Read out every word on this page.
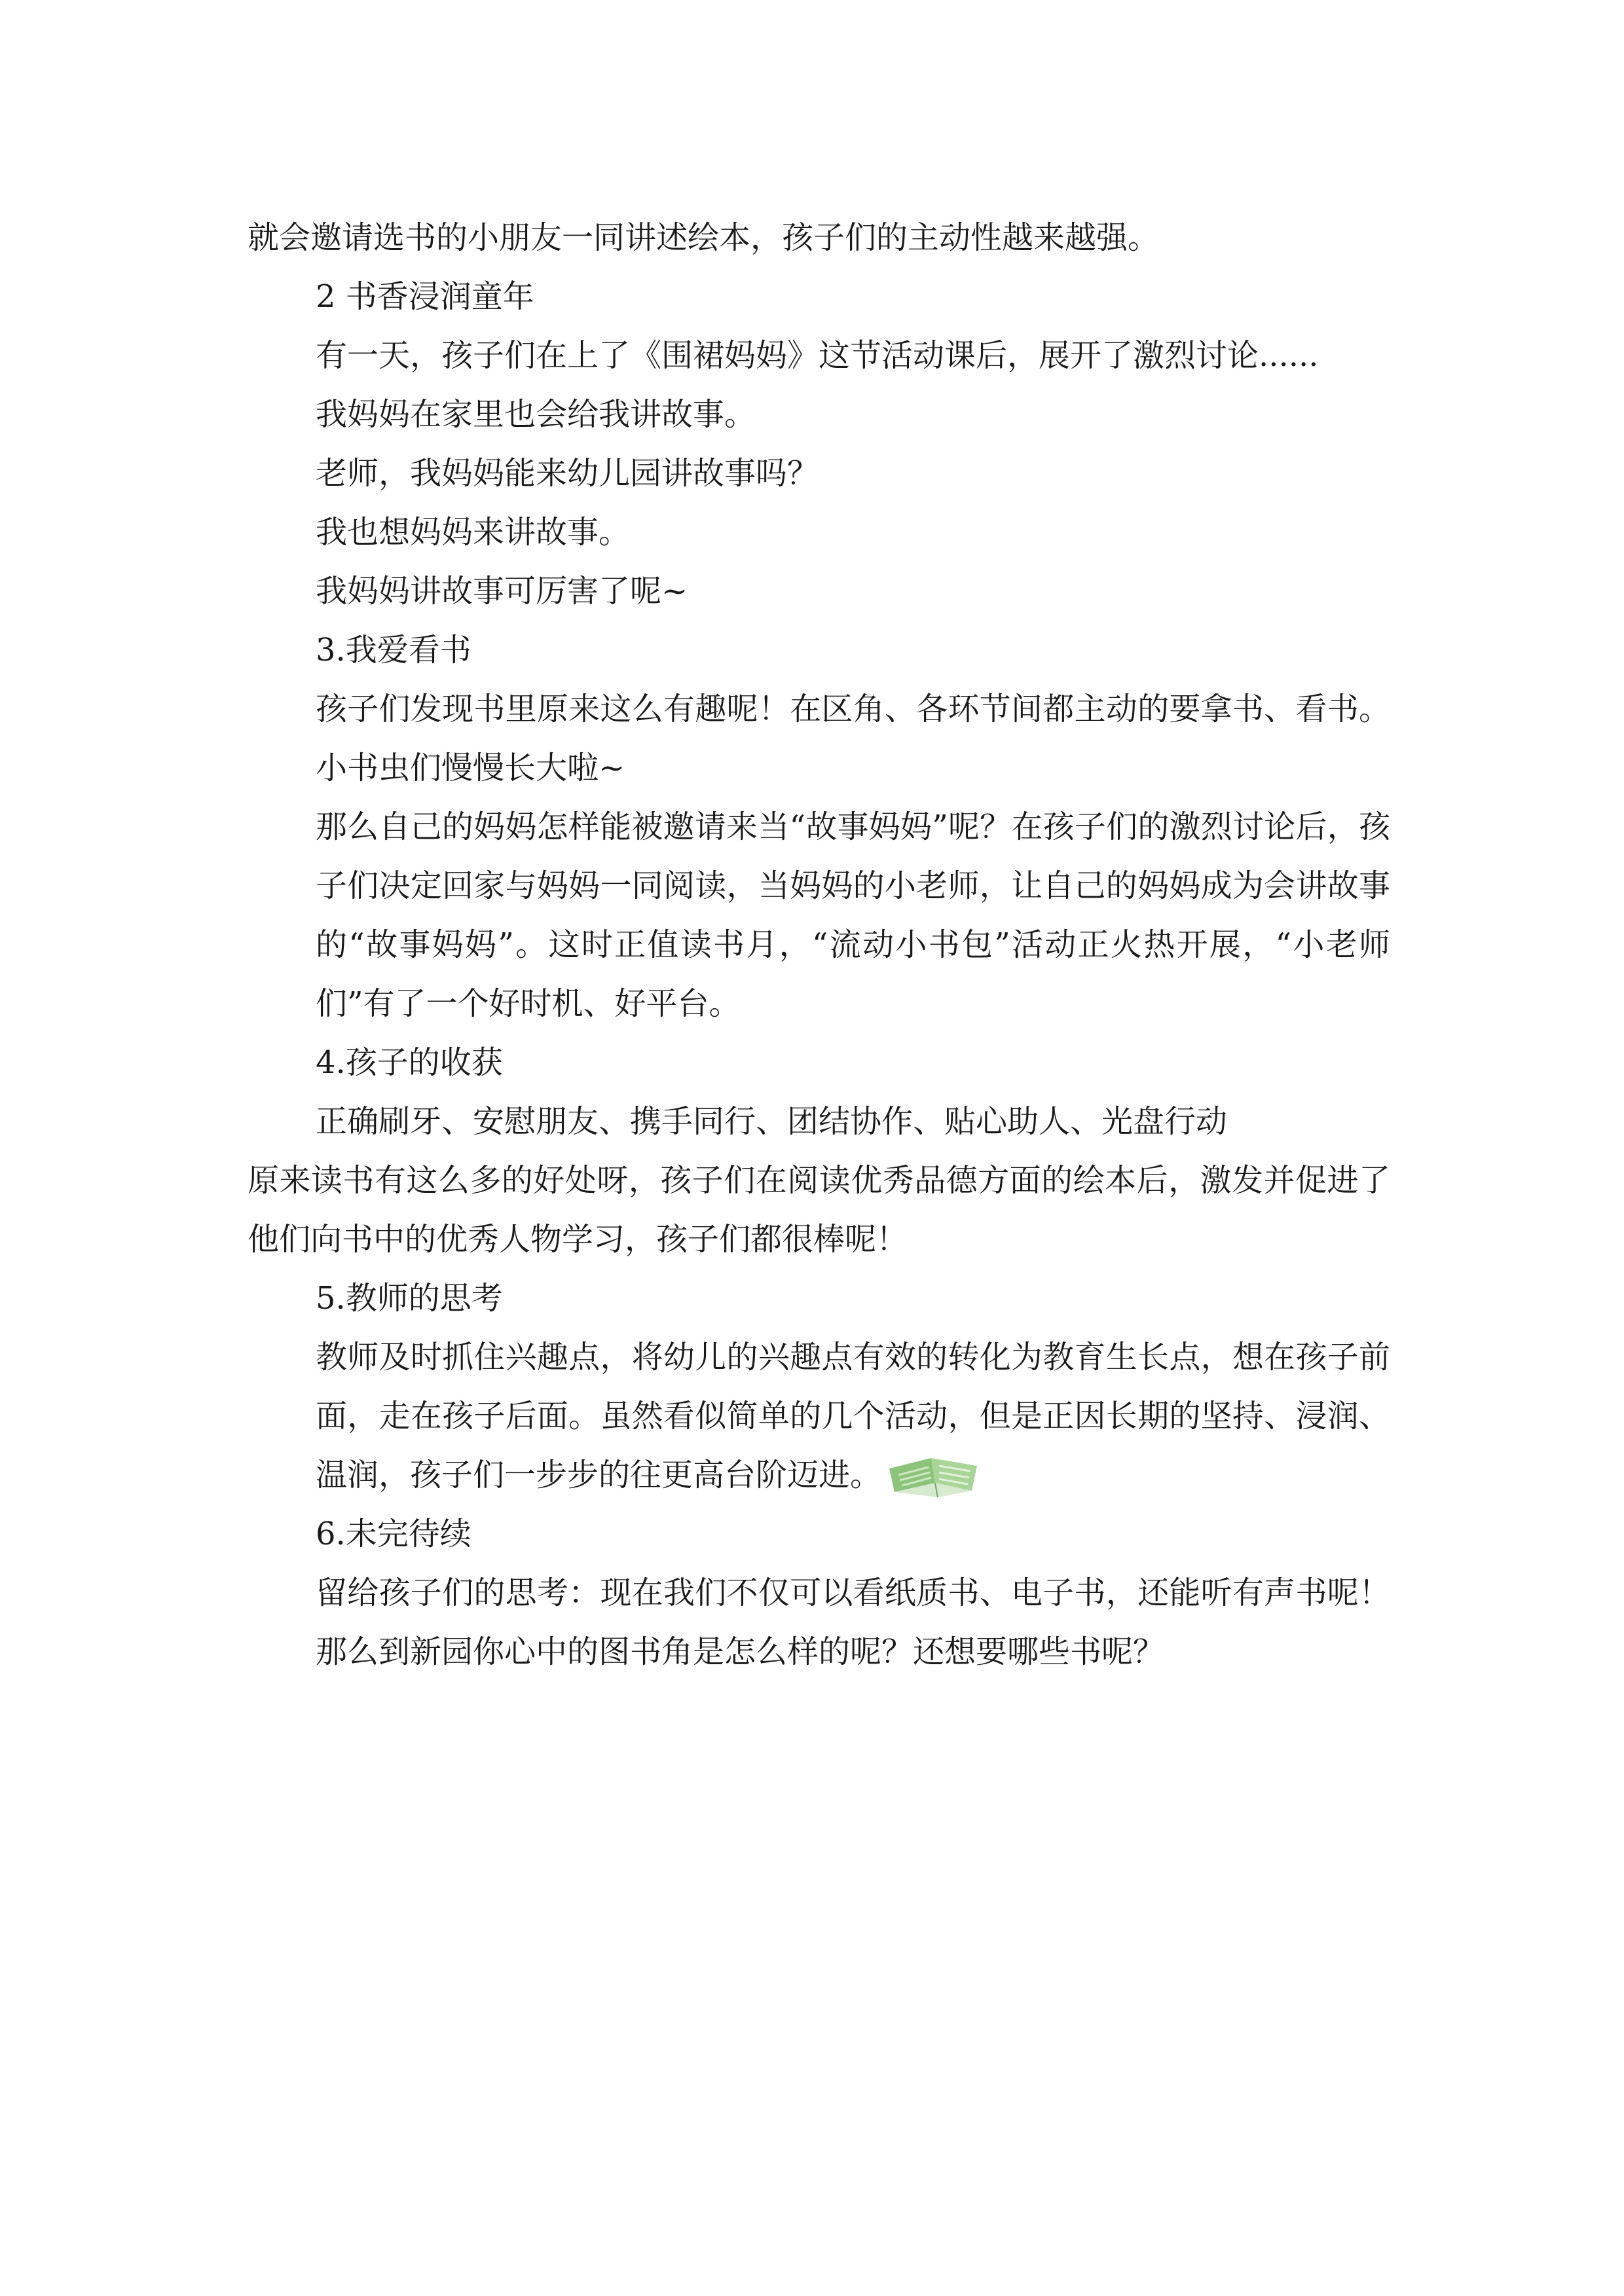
就会邀请选书的小朋友一同讲述绘本，孩子们的主动性越来越强。

2 书香浸润童年

有一天，孩子们在上了《围裙妈妈》这节活动课后，展开了激烈讨论......

我妈妈在家里也会给我讲故事。

老师，我妈妈能来幼儿园讲故事吗？

我也想妈妈来讲故事。

我妈妈讲故事可厉害了呢~

3.我爱看书

孩子们发现书里原来这么有趣呢！在区角、各环节间都主动的要拿书、看书。小书虫们慢慢长大啦~

那么自己的妈妈怎样能被邀请来当“故事妈妈”呢？在孩子们的激烈讨论后，孩子们决定回家与妈妈一同阅读，当妈妈的小老师，让自己的妈妈成为会讲故事的“故事妈妈”。这时正值读书月，“流动小书包”活动正火热开展，“小老师们”有了一个好时机、好平台。

4.孩子的收获

正确刷牙、安慰朋友、携手同行、团结协作、贴心助人、光盘行动

原来读书有这么多的好处呀，孩子们在阅读优秀品德方面的绘本后，激发并促进了他们向书中的优秀人物学习，孩子们都很棒呢！

5.教师的思考

教师及时抓住兴趣点，将幼儿的兴趣点有效的转化为教育生长点，想在孩子前面，走在孩子后面。虽然看似简单的几个活动，但是正因长期的坚持、浸润、温润，孩子们一步步的往更高台阶迈进。

6.未完待续

留给孩子们的思考：现在我们不仅可以看纸质书、电子书，还能听有声书呢！那么到新园你心中的图书角是怎么样的呢？还想要哪些书呢？
